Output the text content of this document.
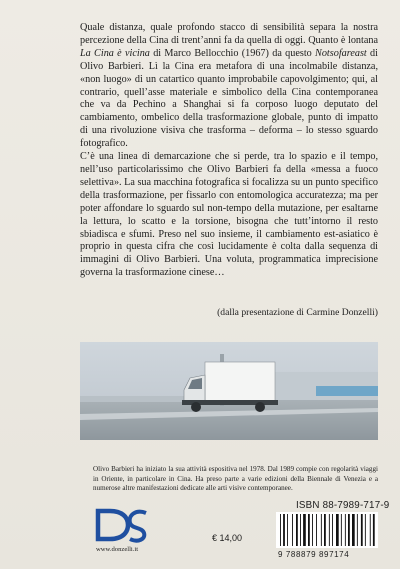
Quale distanza, quale profondo stacco di sensibilità separa la nostra percezione della Cina di trent’anni fa da quella di oggi. Quanto è lontana La Cina è vicina di Marco Bellocchio (1967) da questo Notsofareast di Olivo Barbieri. Lì la Cina era metafora di una incolmabile distanza, «non luogo» di un catartico quanto improbabile capovolgimento; qui, al contrario, quell’asse materiale e simbolico della Cina contemporanea che va da Pechino a Shanghai si fa corposo luogo deputato del cambiamento, ombelico della trasformazione globale, punto di impatto di una rivoluzione visiva che trasforma – deforma – lo stesso sguardo fotografico.

C’è una linea di demarcazione che si perde, tra lo spazio e il tempo, nell’uso particolarissimo che Olivo Barbieri fa della «messa a fuoco selettiva». La sua macchina fotografica si focalizza su un punto specifico della trasformazione, per fissarlo con entomologica accuratezza; ma per poter affondare lo sguardo sul non-tempo della mutazione, per esaltarne la lettura, lo scatto e la torsione, bisogna che tutt’intorno il resto sbiadisca e sfumi. Preso nel suo insieme, il cambiamento est-asiatico è proprio in questa cifra che così lucidamente è colta dalla sequenza di immagini di Olivo Barbieri. Una voluta, programmatica imprecisione governa la trasformazione cinese…

(dalla presentazione di Carmine Donzelli)
Olivo Barbieri ha iniziato la sua attività espositiva nel 1978. Dal 1989 compie con regolarità viaggi in Oriente, in particolare in Cina. Ha preso parte a varie edizioni della Biennale di Venezia e a numerose altre manifestazioni dedicate alle arti visive contemporanee.
DE
www.donzelli.it
€ 14,00
ISBN 88-7989-717-9
9 788879 897174
